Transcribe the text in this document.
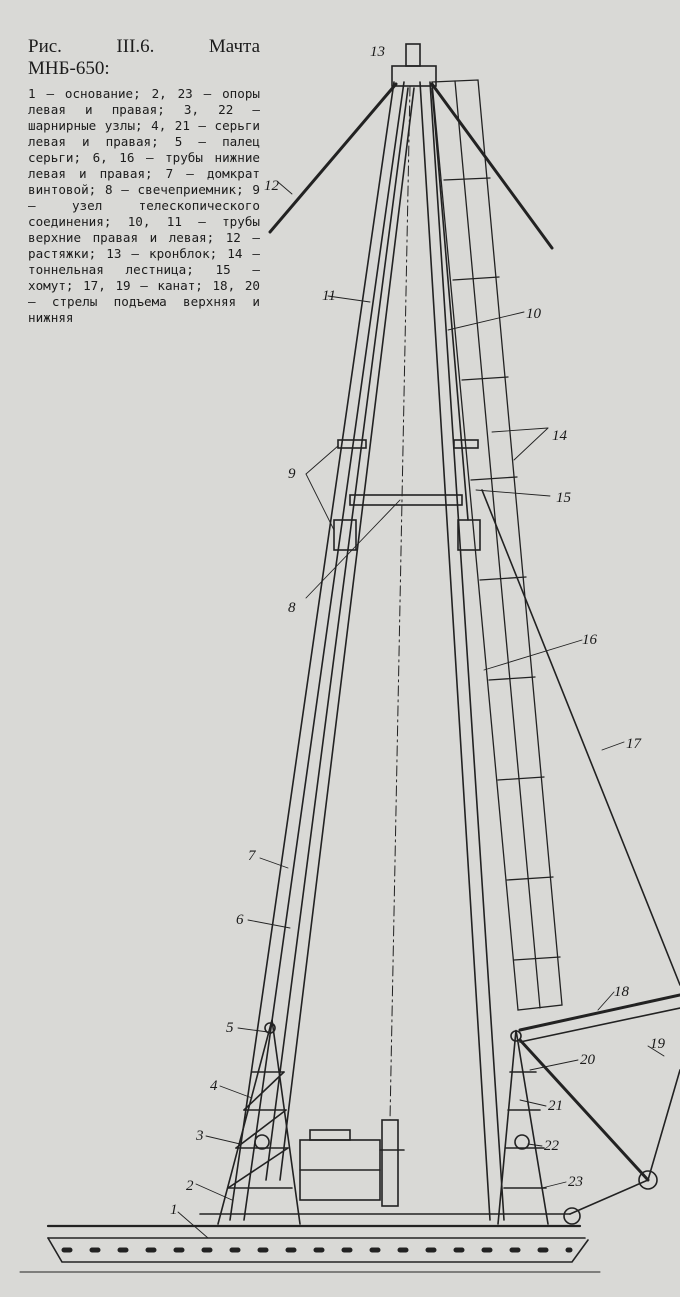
Рис.	III.6.	Мачта
МНБ-650:

1 — основание; 2, 23 — опоры левая и правая; 3, 22 — шарнирные узлы; 4, 21 — серьги левая и правая; 5 — палец серьги; 6, 16 — трубы нижние левая и правая; 7 — домкрат винтовой; 8 — свечеприемник; 9 — узел телескопического соединения; 10, 11 — трубы верхние правая и левая; 12 — растяжки; 13 — кронблок; 14 — тоннельная лестница; 15 — хомут; 17, 19 — канат; 18, 20 — стрелы подъема верхняя и нижняя

1
2
3
4
5
6
7
8
9
10
11
12
13
14
15
16
17
18
19
20
21
22
23
